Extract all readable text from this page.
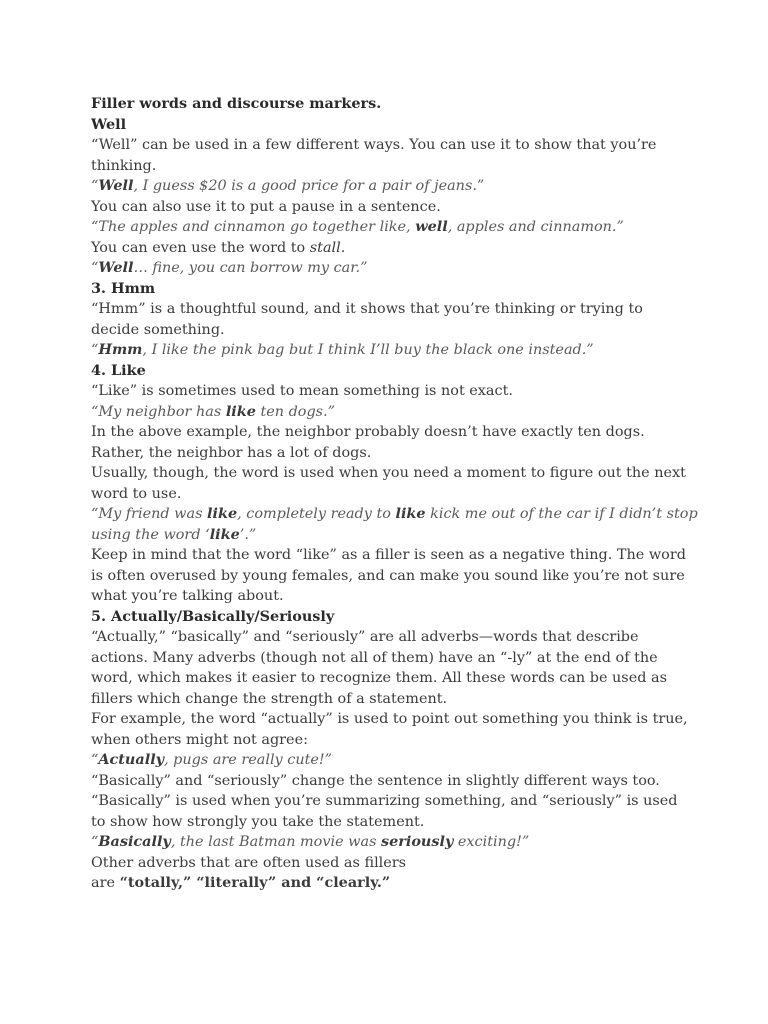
Filler words and discourse markers.
Well
“Well” can be used in a few different ways. You can use it to show that you’re
thinking.
“Well, I guess $20 is a good price for a pair of jeans.”
You can also use it to put a pause in a sentence.
“The apples and cinnamon go together like, well, apples and cinnamon.”
You can even use the word to stall.
“Well… fine, you can borrow my car.”
3. Hmm
“Hmm” is a thoughtful sound, and it shows that you’re thinking or trying to
decide something.
“Hmm, I like the pink bag but I think I’ll buy the black one instead.”
4. Like
“Like” is sometimes used to mean something is not exact.
“My neighbor has like ten dogs.”
In the above example, the neighbor probably doesn’t have exactly ten dogs.
Rather, the neighbor has a lot of dogs.
Usually, though, the word is used when you need a moment to figure out the next
word to use.
“My friend was like, completely ready to like kick me out of the car if I didn’t stop
using the word ‘like’.”
Keep in mind that the word “like” as a filler is seen as a negative thing. The word
is often overused by young females, and can make you sound like you’re not sure
what you’re talking about.
5. Actually/Basically/Seriously
“Actually,” “basically” and “seriously” are all adverbs—words that describe
actions. Many adverbs (though not all of them) have an “-ly” at the end of the
word, which makes it easier to recognize them. All these words can be used as
fillers which change the strength of a statement.
For example, the word “actually” is used to point out something you think is true,
when others might not agree:
“Actually, pugs are really cute!”
“Basically” and “seriously” change the sentence in slightly different ways too.
“Basically” is used when you’re summarizing something, and “seriously” is used
to show how strongly you take the statement.
“Basically, the last Batman movie was seriously exciting!”
Other adverbs that are often used as fillers
are “totally,” “literally” and “clearly.”
